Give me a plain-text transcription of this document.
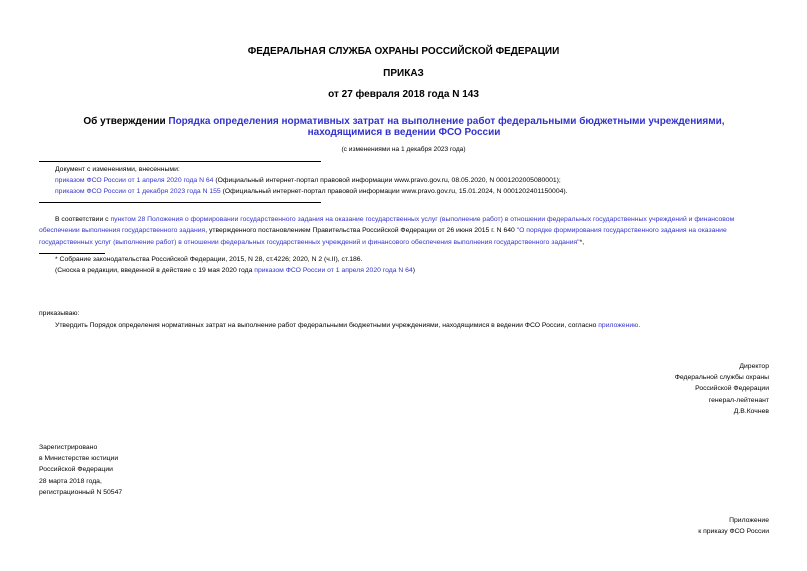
ФЕДЕРАЛЬНАЯ СЛУЖБА ОХРАНЫ РОССИЙСКОЙ ФЕДЕРАЦИИ
ПРИКАЗ
от 27 февраля 2018 года N 143
Об утверждении Порядка определения нормативных затрат на выполнение работ федеральными бюджетными учреждениями, находящимися в ведении ФСО России
(с изменениями на 1 декабря 2023 года)

Документ с изменениями, внесенными:

приказом ФСО России от 1 апреля 2020 года N 64 (Официальный интернет-портал правовой информации www.pravo.gov.ru, 08.05.2020, N 0001202005080001);

приказом ФСО России от 1 декабря 2023 года N 155 (Официальный интернет-портал правовой информации www.pravo.gov.ru, 15.01.2024, N 0001202401150004).

В соответствии с пунктом 28 Положения о формировании государственного задания на оказание государственных услуг (выполнение работ) в отношении федеральных государственных учреждений и финансовом обеспечении выполнения государственного задания, утвержденного постановлением Правительства Российской Федерации от 26 июня 2015 г. N 640 "О порядке формирования государственного задания на оказание государственных услуг (выполнение работ) в отношении федеральных государственных учреждений и финансового обеспечения выполнения государственного задания"*,

* Собрание законодательства Российской Федерации, 2015, N 28, ст.4226; 2020, N 2 (ч.II), ст.186.

(Сноска в редакции, введенной в действие с 19 мая 2020 года приказом ФСО России от 1 апреля 2020 года N 64)

приказываю:
Утвердить Порядок определения нормативных затрат на выполнение работ федеральными бюджетными учреждениями, находящимися в ведении ФСО России, согласно приложению.

Директор

Федеральной службы охраны

Российской Федерации

генерал-лейтенант

Д.В.Кочнев

Зарегистрировано

в Министерстве юстиции

Российской Федерации

28 марта 2018 года,

регистрационный N 50547

Приложение

к приказу ФСО России
